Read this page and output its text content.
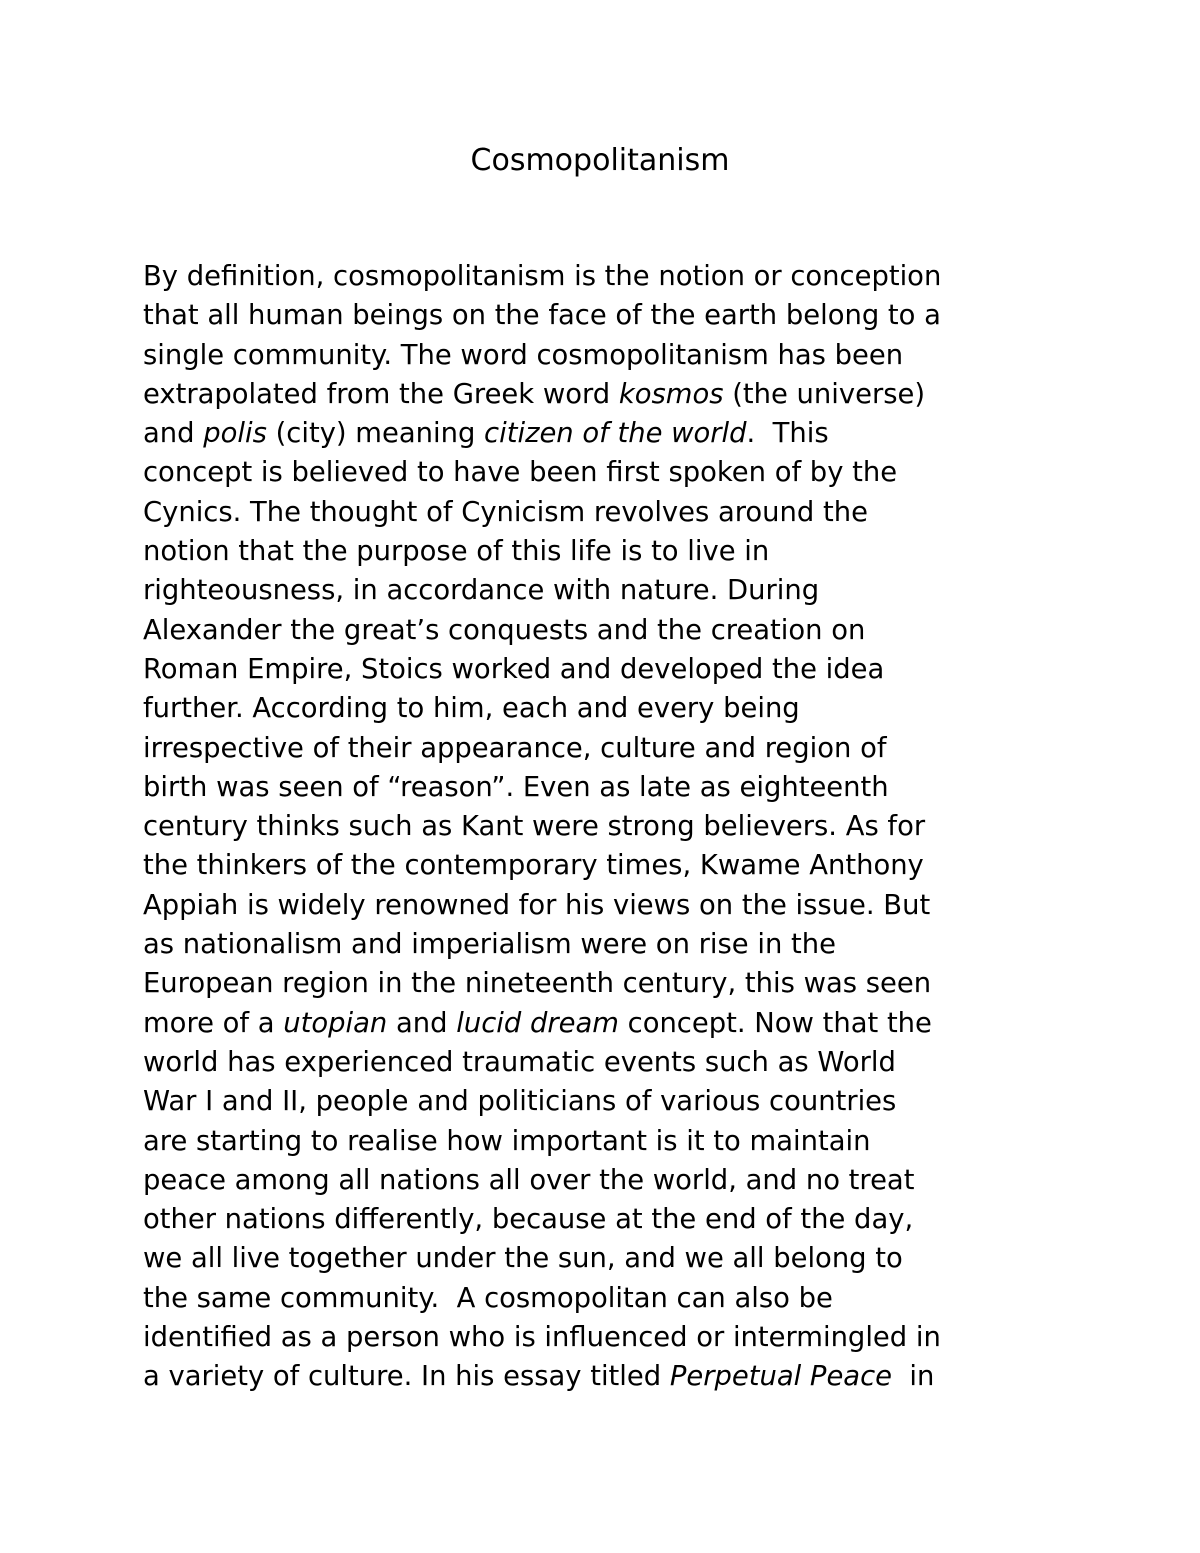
Cosmopolitanism
By definition, cosmopolitanism is the notion or conception
that all human beings on the face of the earth belong to a
single community. The word cosmopolitanism has been
extrapolated from the Greek word kosmos (the universe)
and polis (city) meaning citizen of the world.  This
concept is believed to have been first spoken of by the
Cynics. The thought of Cynicism revolves around the
notion that the purpose of this life is to live in
righteousness, in accordance with nature. During
Alexander the great’s conquests and the creation on
Roman Empire, Stoics worked and developed the idea
further. According to him, each and every being
irrespective of their appearance, culture and region of
birth was seen of “reason”. Even as late as eighteenth
century thinks such as Kant were strong believers. As for
the thinkers of the contemporary times, Kwame Anthony
Appiah is widely renowned for his views on the issue. But
as nationalism and imperialism were on rise in the
European region in the nineteenth century, this was seen
more of a utopian and lucid dream concept. Now that the
world has experienced traumatic events such as World
War I and II, people and politicians of various countries
are starting to realise how important is it to maintain
peace among all nations all over the world, and no treat
other nations differently, because at the end of the day,
we all live together under the sun, and we all belong to
the same community.  A cosmopolitan can also be
identified as a person who is influenced or intermingled in
a variety of culture. In his essay titled Perpetual Peace  in
